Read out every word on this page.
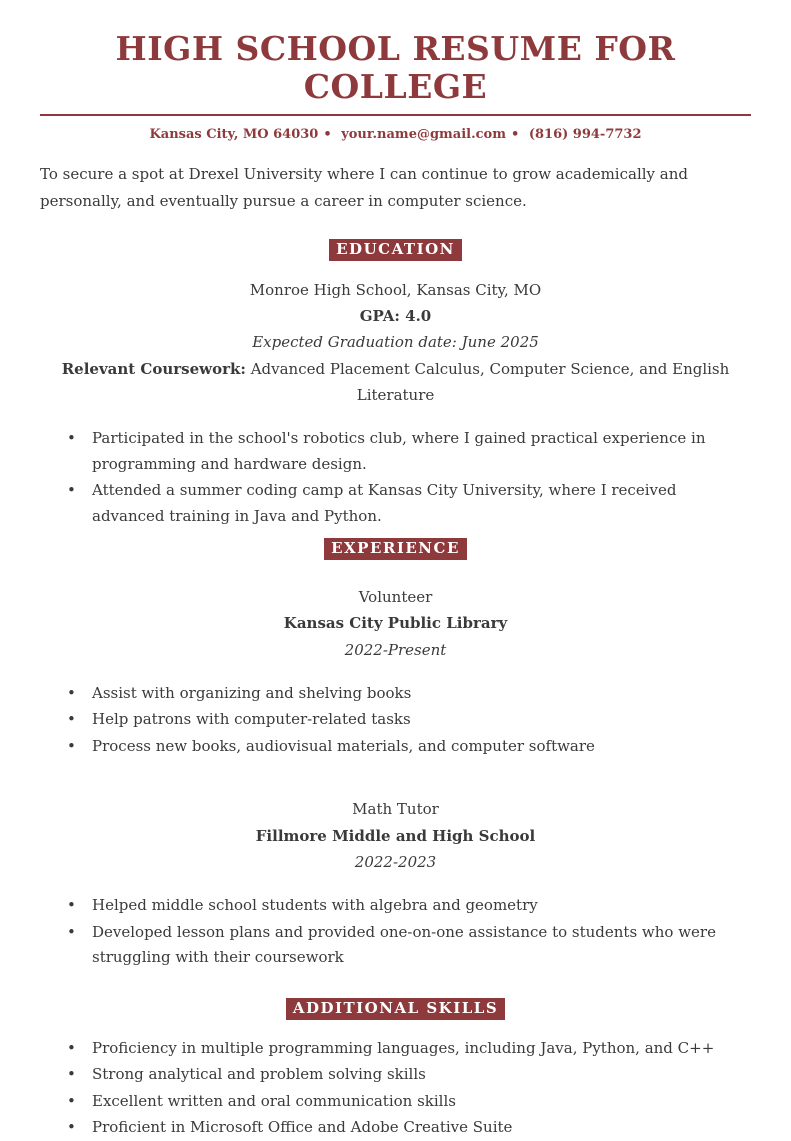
HIGH SCHOOL RESUME FOR COLLEGE
Kansas City, MO 64030 • your.name@gmail.com • (816) 994-7732

To secure a spot at Drexel University where I can continue to grow academically and personally, and eventually pursue a career in computer science.

EDUCATION
Monroe High School, Kansas City, MO
GPA: 4.0
Expected Graduation date: June 2025
Relevant Coursework: Advanced Placement Calculus, Computer Science, and English Literature
• Participated in the school's robotics club, where I gained practical experience in programming and hardware design.
• Attended a summer coding camp at Kansas City University, where I received advanced training in Java and Python.
EXPERIENCE
Volunteer
Kansas City Public Library
2022-Present
• Assist with organizing and shelving books
• Help patrons with computer-related tasks
• Process new books, audiovisual materials, and computer software
Math Tutor
Fillmore Middle and High School
2022-2023
• Helped middle school students with algebra and geometry
• Developed lesson plans and provided one-on-one assistance to students who were struggling with their coursework
ADDITIONAL SKILLS
• Proficiency in multiple programming languages, including Java, Python, and C++
• Strong analytical and problem solving skills
• Excellent written and oral communication skills
• Proficient in Microsoft Office and Adobe Creative Suite
